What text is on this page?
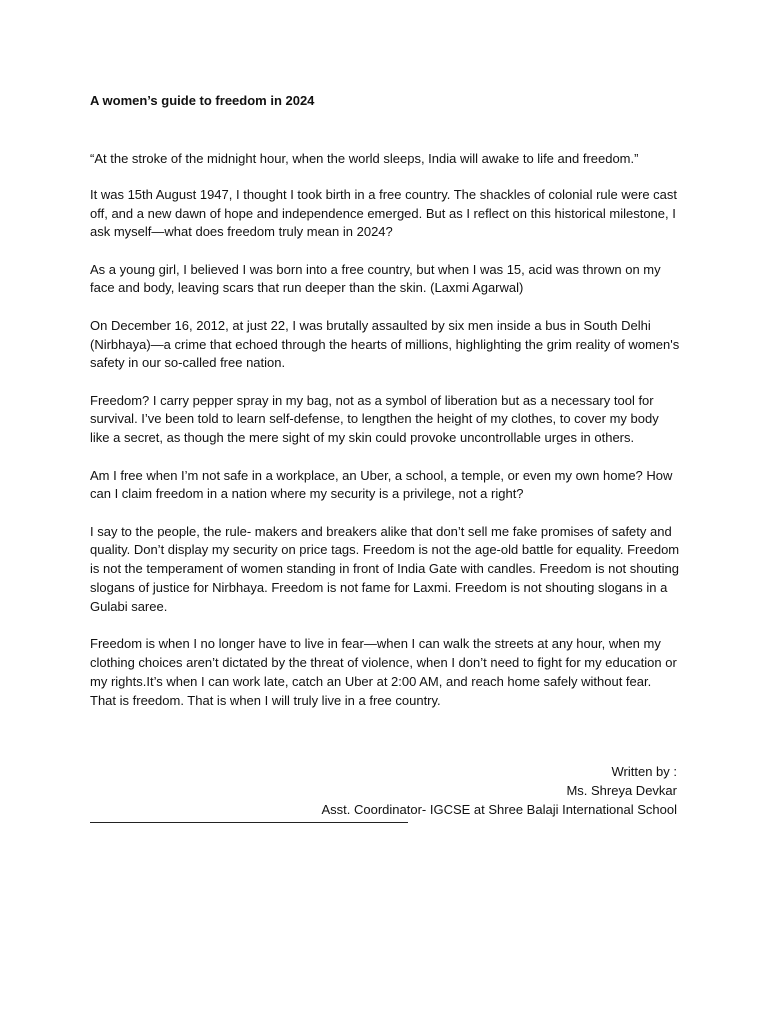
A women’s guide to freedom in 2024
“At the stroke of the midnight hour, when the world sleeps, India will awake to life and freedom.”
It was 15th August 1947, I thought I took birth in a free country. The shackles of colonial rule were cast off, and a new dawn of hope and independence emerged. But as I reflect on this historical milestone, I ask myself—what does freedom truly mean in 2024?
As a young girl, I believed I was born into a free country, but when I was 15, acid was thrown on my face and body, leaving scars that run deeper than the skin. (Laxmi Agarwal)
On December 16, 2012, at just 22, I was brutally assaulted by six men inside a bus in South Delhi (Nirbhaya)—a crime that echoed through the hearts of millions, highlighting the grim reality of women's safety in our so-called free nation.
Freedom? I carry pepper spray in my bag, not as a symbol of liberation but as a necessary tool for survival. I’ve been told to learn self-defense, to lengthen the height of my clothes, to cover my body like a secret, as though the mere sight of my skin could provoke uncontrollable urges in others.
Am I free when I’m not safe in a workplace, an Uber, a school, a temple, or even my own home? How can I claim freedom in a nation where my security is a privilege, not a right?
I say to the people, the rule- makers and breakers alike that don’t sell me fake promises of safety and quality. Don’t display my security on price tags. Freedom is not the age-old battle for equality. Freedom is not the temperament of women standing in front of India Gate with candles. Freedom is not shouting slogans of justice for Nirbhaya. Freedom is not fame for Laxmi. Freedom is not shouting slogans in a Gulabi saree.
Freedom is when I no longer have to live in fear—when I can walk the streets at any hour, when my clothing choices aren’t dictated by the threat of violence, when I don’t need to fight for my education or my rights.It’s when I can work late, catch an Uber at 2:00 AM, and reach home safely without fear. That is freedom. That is when I will truly live in a free country.
Written by :
Ms. Shreya Devkar
Asst. Coordinator- IGCSE at Shree Balaji International School
